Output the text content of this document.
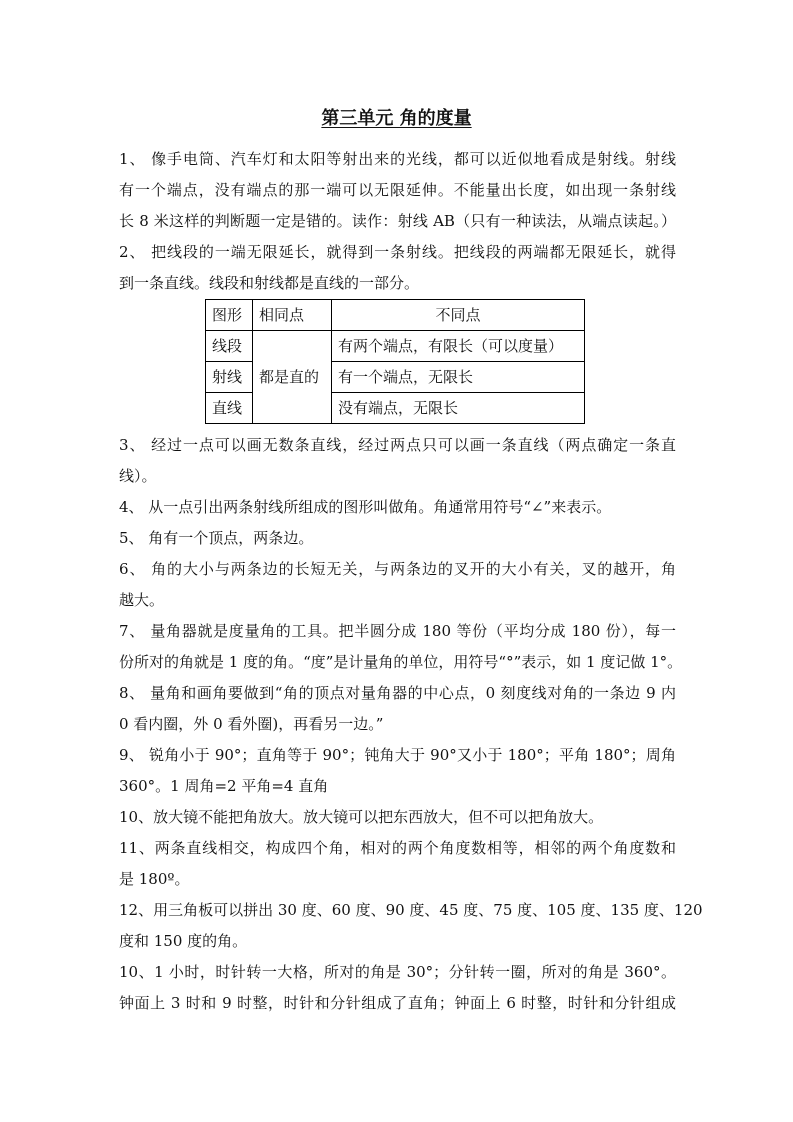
第三单元 角的度量
1、 像手电筒、汽车灯和太阳等射出来的光线，都可以近似地看成是射线。射线
有一个端点，没有端点的那一端可以无限延伸。不能量出长度，如出现一条射线
长 8 米这样的判断题一定是错的。读作：射线 AB（只有一种读法，从端点读起。）
2、 把线段的一端无限延长，就得到一条射线。把线段的两端都无限延长，就得
到一条直线。线段和射线都是直线的一部分。
图形	相同点	不同点
线段	都是直的	有两个端点，有限长（可以度量）
射线		有一个端点，无限长
直线		没有端点，无限长
3、 经过一点可以画无数条直线，经过两点只可以画一条直线（两点确定一条直
线）。
4、 从一点引出两条射线所组成的图形叫做角。角通常用符号“∠”来表示。
5、 角有一个顶点，两条边。
6、 角的大小与两条边的长短无关，与两条边的叉开的大小有关，叉的越开，角
越大。
7、 量角器就是度量角的工具。把半圆分成 180 等份（平均分成 180 份），每一
份所对的角就是 1 度的角。“度”是计量角的单位，用符号“°”表示，如 1 度记做 1°。
8、 量角和画角要做到“角的顶点对量角器的中心点，0 刻度线对角的一条边 9 内
0 看内圈，外 0 看外圈)，再看另一边。”
9、 锐角小于 90°；直角等于 90°；钝角大于 90°又小于 180°；平角 180°；周角
360°。1 周角=2 平角=4 直角
10、放大镜不能把角放大。放大镜可以把东西放大，但不可以把角放大。
11、两条直线相交，构成四个角，相对的两个角度数相等，相邻的两个角度数和
是 180º。
12、用三角板可以拼出 30 度、60 度、90 度、45 度、75 度、105 度、135 度、120
度和 150 度的角。
10、1 小时，时针转一大格，所对的角是 30°；分针转一圈，所对的角是 360°。
钟面上 3 时和 9 时整，时针和分针组成了直角；钟面上 6 时整，时针和分针组成
